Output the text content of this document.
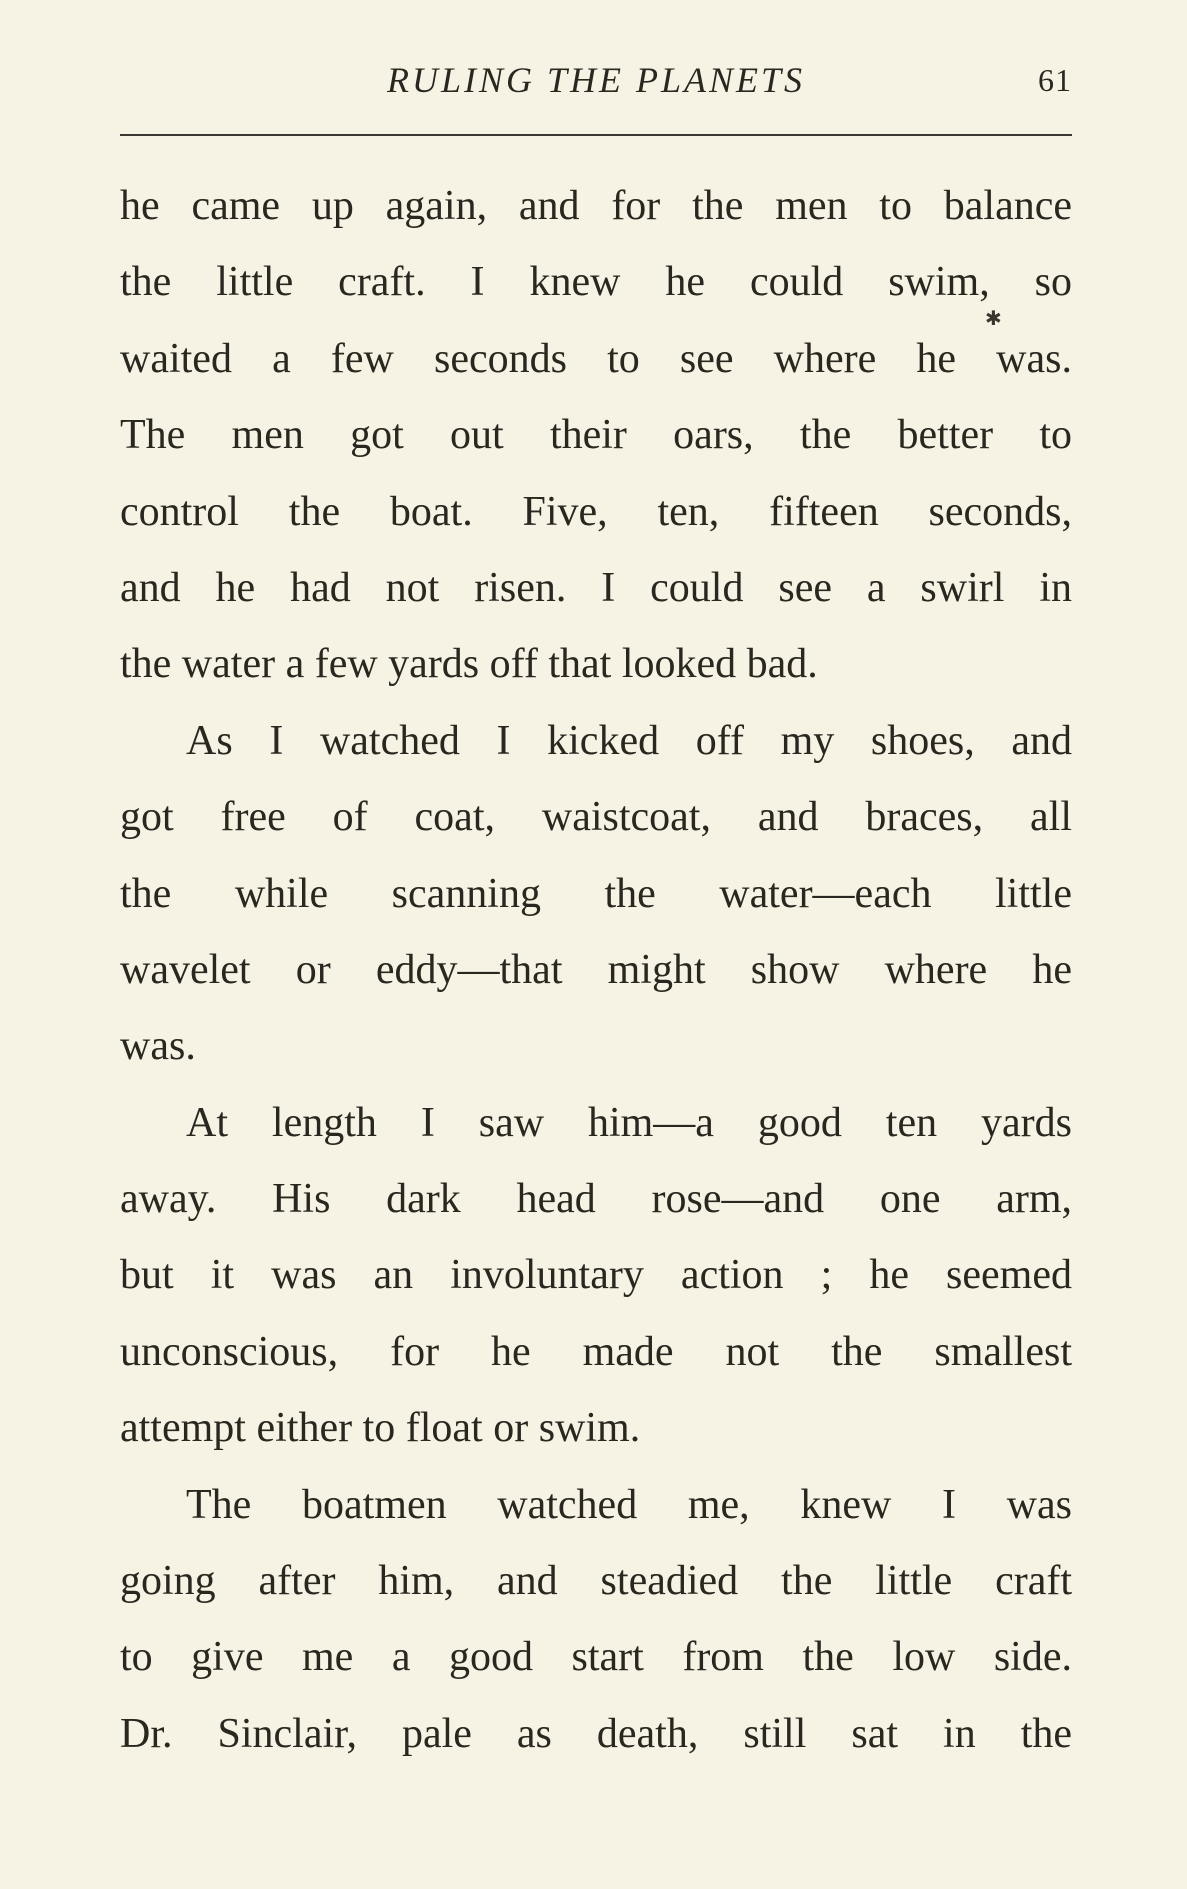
RULING THE PLANETS	61
✱
he came up again, and for the men to balance
the little craft. I knew he could swim, so
waited a few seconds to see where he was.
The men got out their oars, the better to
control the boat. Five, ten, fifteen seconds,
and he had not risen. I could see a swirl in
the water a few yards off that looked bad.
As I watched I kicked off my shoes, and
got free of coat, waistcoat, and braces, all
the while scanning the water—each little
wavelet or eddy—that might show where he
was.
At length I saw him—a good ten yards
away. His dark head rose—and one arm,
but it was an involuntary action ; he seemed
unconscious, for he made not the smallest
attempt either to float or swim.
The boatmen watched me, knew I was
going after him, and steadied the little craft
to give me a good start from the low side.
Dr. Sinclair, pale as death, still sat in the
